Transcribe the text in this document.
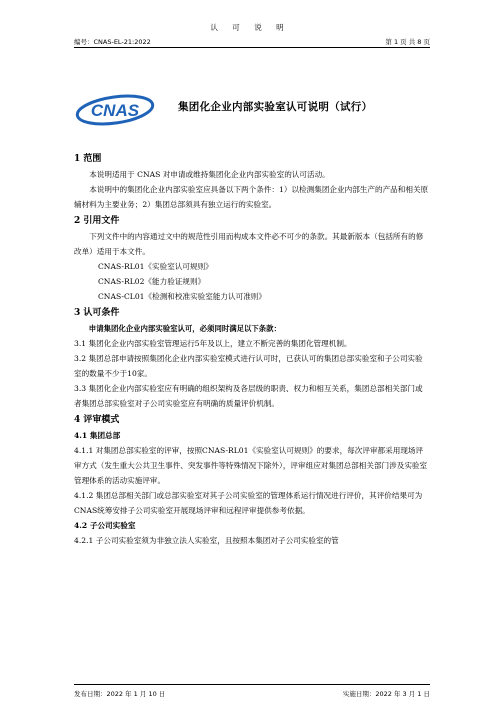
认 可 说 明
编号：CNAS-EL-21:2022	第 1 页 共 8 页
CNAS	集团化企业内部实验室认可说明（试行）

1 范围

本说明适用于 CNAS 对申请或维持集团化企业内部实验室的认可活动。

本说明中的集团化企业内部实验室应具备以下两个条件：1）以检测集团企业内部生产的产品和相关原辅材料为主要业务；2）集团总部须具有独立运行的实验室。

2 引用文件

下列文件中的内容通过文中的规范性引用而构成本文件必不可少的条款。其最新版本（包括所有的修改单）适用于本文件。

CNAS-RL01《实验室认可规则》

CNAS-RL02《能力验证规则》

CNAS-CL01《检测和校准实验室能力认可准则》

3 认可条件

申请集团化企业内部实验室认可，必须同时满足以下条款：

3.1 集团化企业内部实验室管理运行5年及以上，建立不断完善的集团化管理机制。

3.2 集团总部申请按照集团化企业内部实验室模式进行认可时，已获认可的集团总部实验室和子公司实验室的数量不少于10家。

3.3 集团化企业内部实验室应有明确的组织架构及各层级的职责、权力和相互关系，集团总部相关部门或者集团总部实验室对子公司实验室应有明确的质量评价机制。

4 评审模式

4.1 集团总部

4.1.1 对集团总部实验室的评审，按照CNAS-RL01《实验室认可规则》的要求，每次评审都采用现场评审方式（发生重大公共卫生事件、突发事件等特殊情况下除外），评审组应对集团总部相关部门涉及实验室管理体系的活动实施评审。

4.1.2 集团总部相关部门或总部实验室对其子公司实验室的管理体系运行情况进行评价，其评价结果可为CNAS统筹安排子公司实验室开展现场评审和远程评审提供参考依据。

4.2 子公司实验室

4.2.1 子公司实验室须为非独立法人实验室，且按照本集团对子公司实验室的管

发布日期：2022 年 1 月 10 日	实施日期：2022 年 3 月 1 日
